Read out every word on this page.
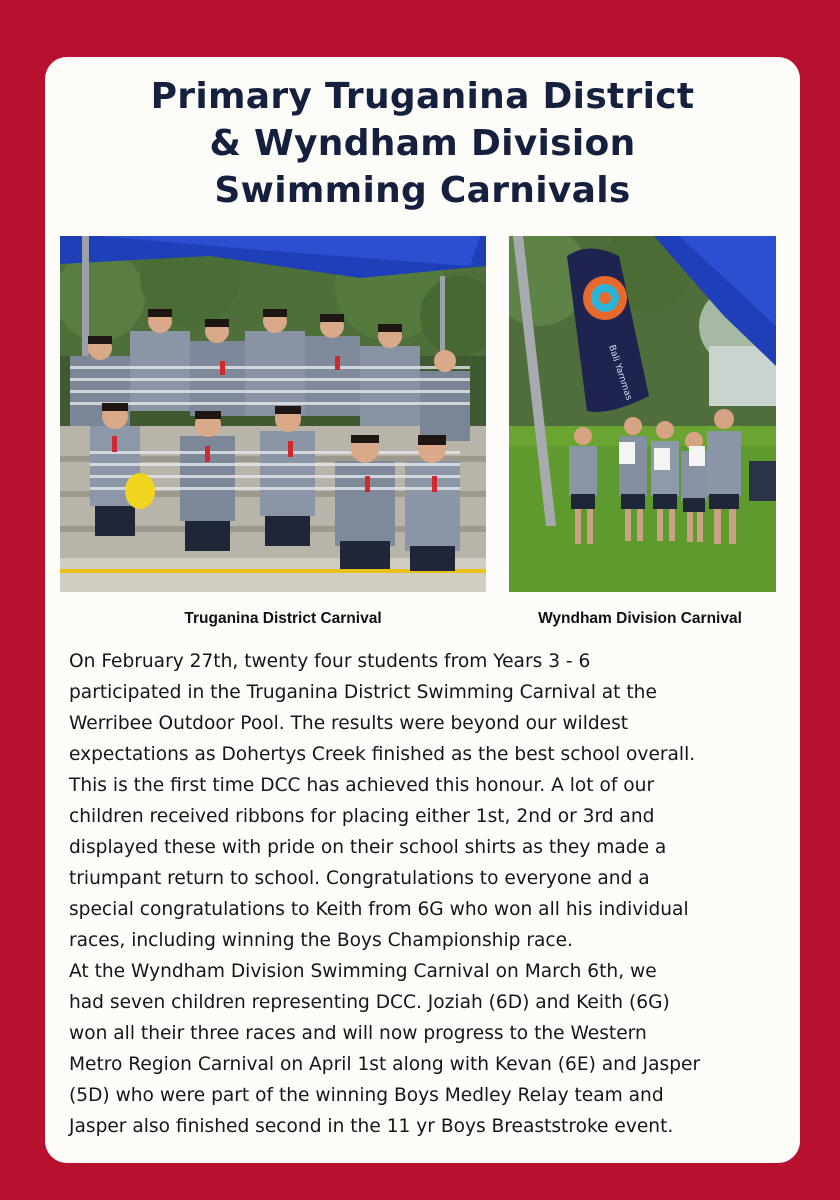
Primary Truganina District
& Wyndham Division
Swimming Carnivals
Bali Yarnmas
Truganina District Carnival	Wyndham Division Carnival
On February 27th, twenty four students from Years 3 - 6
participated in the Truganina District Swimming Carnival at the
Werribee Outdoor Pool. The results were beyond our wildest
expectations as Dohertys Creek finished as the best school overall.
This is the first time DCC has achieved this honour. A lot of our
children received ribbons for placing either 1st, 2nd or 3rd and
displayed these with pride on their school shirts as they made a
triumpant return to school. Congratulations to everyone and a
special congratulations to Keith from 6G who won all his individual
races, including winning the Boys Championship race.
At the Wyndham Division Swimming Carnival on March 6th, we
had seven children representing DCC. Joziah (6D) and Keith (6G)
won all their three races and will now progress to the Western
Metro Region Carnival on April 1st along with Kevan (6E) and Jasper
(5D) who were part of the winning Boys Medley Relay team and
Jasper also finished second in the 11 yr Boys Breaststroke event.
